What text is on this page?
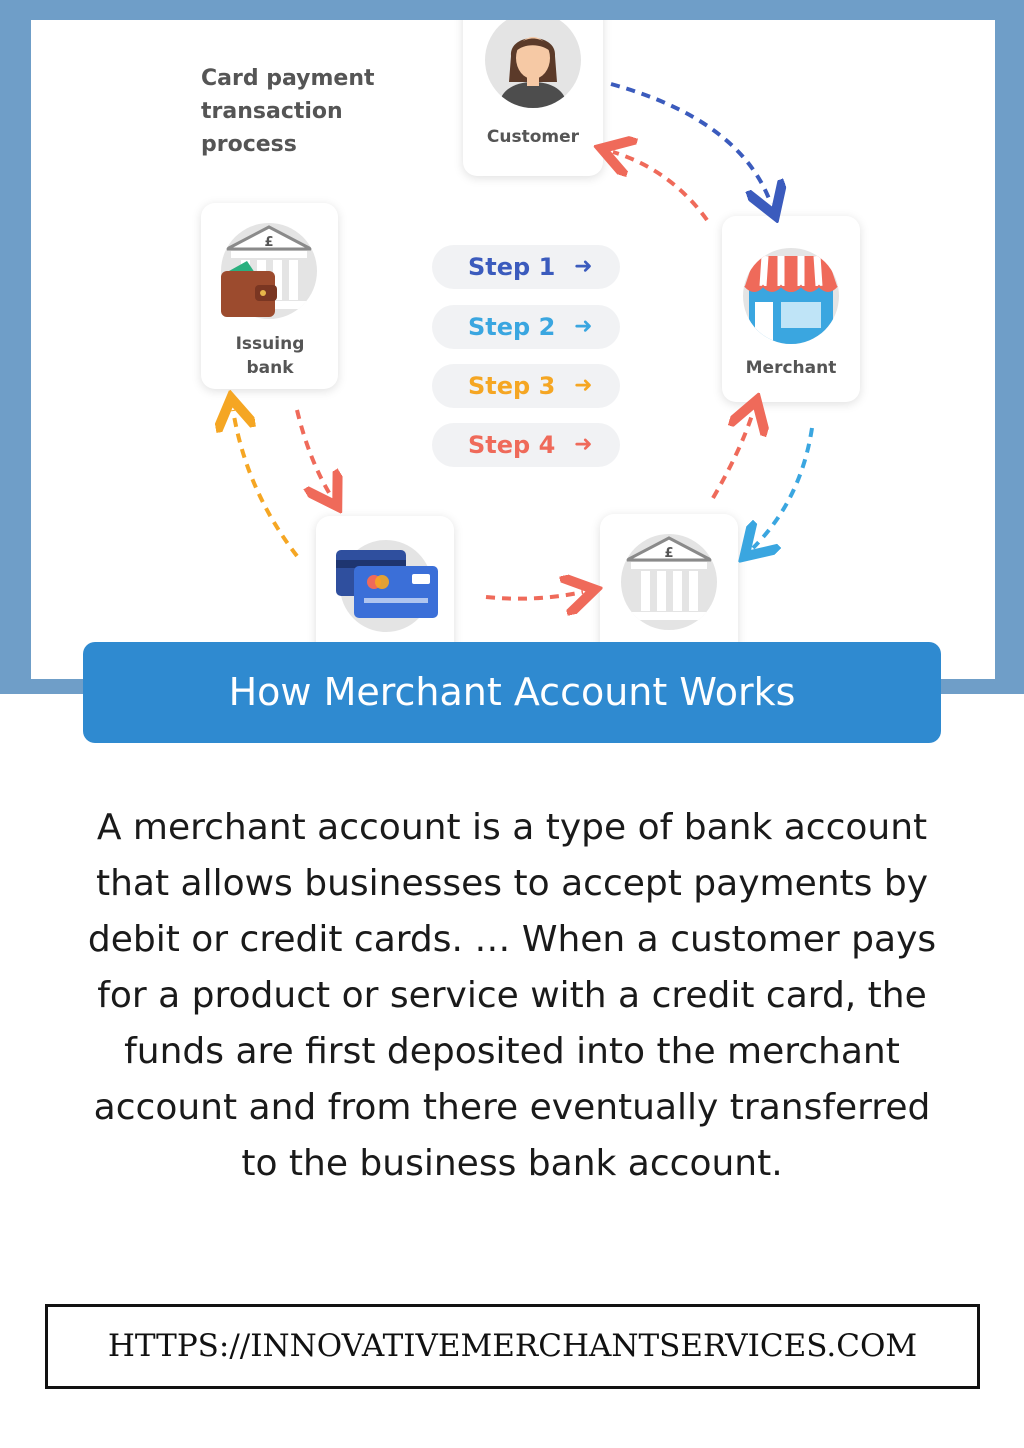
Card payment transaction process	Customer
Merchant
£
Issuing bank
£
Step 1 ➜
Step 2 ➜
Step 3 ➜
Step 4 ➜
How Merchant Account Works

A merchant account is a type of bank account that allows businesses to accept payments by debit or credit cards. … When a customer pays for a product or service with a credit card, the funds are first deposited into the merchant account and from there eventually transferred to the business bank account.

HTTPS://INNOVATIVEMERCHANTSERVICES.COM
